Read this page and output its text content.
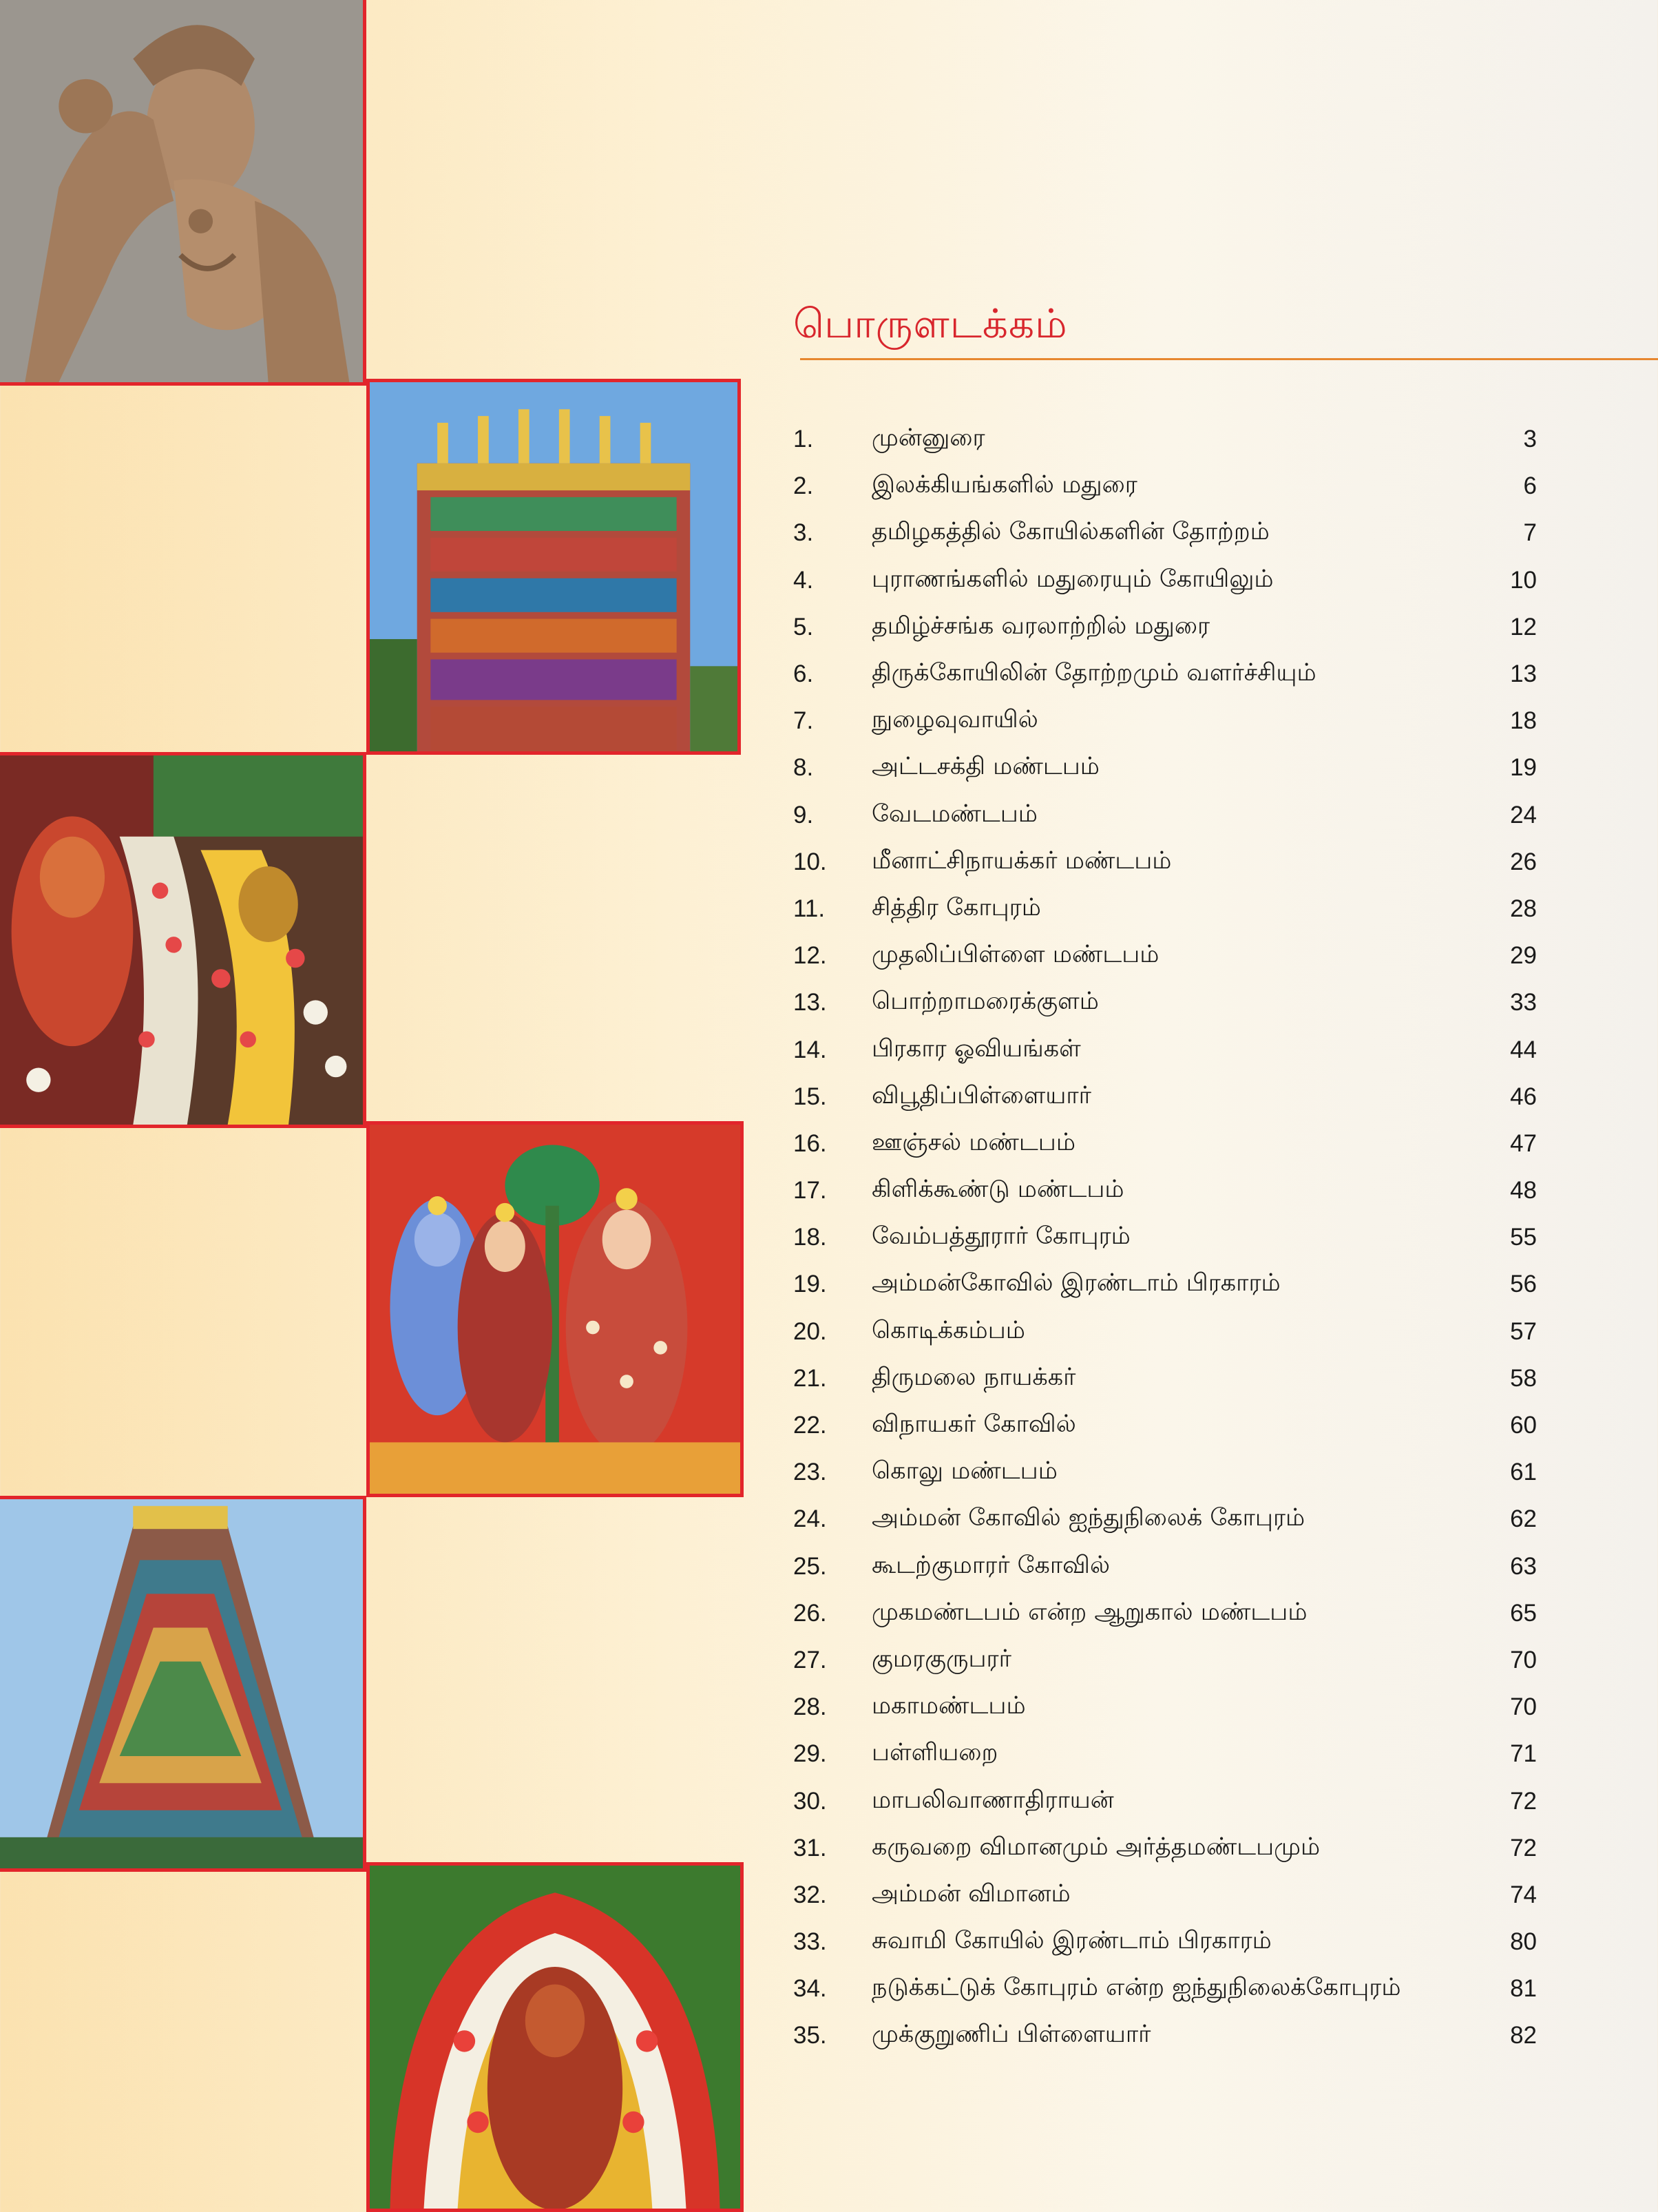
பொருளடக்கம்
1.	முன்னுரை	3
2.	இலக்கியங்களில் மதுரை	6
3.	தமிழகத்தில் கோயில்களின் தோற்றம்	7
4.	புராணங்களில் மதுரையும் கோயிலும்	10
5.	தமிழ்ச்சங்க வரலாற்றில் மதுரை	12
6.	திருக்கோயிலின் தோற்றமும் வளர்ச்சியும்	13
7.	நுழைவுவாயில்	18
8.	அட்டசக்தி மண்டபம்	19
9.	வேடமண்டபம்	24
10.	மீனாட்சிநாயக்கர் மண்டபம்	26
11.	சித்திர கோபுரம்	28
12.	முதலிப்பிள்ளை மண்டபம்	29
13.	பொற்றாமரைக்குளம்	33
14.	பிரகார ஓவியங்கள்	44
15.	விபூதிப்பிள்ளையார்	46
16.	ஊஞ்சல் மண்டபம்	47
17.	கிளிக்கூண்டு மண்டபம்	48
18.	வேம்பத்தூரார் கோபுரம்	55
19.	அம்மன்கோவில் இரண்டாம் பிரகாரம்	56
20.	கொடிக்கம்பம்	57
21.	திருமலை நாயக்கர்	58
22.	விநாயகர் கோவில்	60
23.	கொலு மண்டபம்	61
24.	அம்மன் கோவில் ஐந்துநிலைக் கோபுரம்	62
25.	கூடற்குமாரர் கோவில்	63
26.	முகமண்டபம் என்ற ஆறுகால் மண்டபம்	65
27.	குமரகுருபரர்	70
28.	மகாமண்டபம்	70
29.	பள்ளியறை	71
30.	மாபலிவாணாதிராயன்	72
31.	கருவறை விமானமும் அர்த்தமண்டபமும்	72
32.	அம்மன் விமானம்	74
33.	சுவாமி கோயில் இரண்டாம் பிரகாரம்	80
34.	நடுக்கட்டுக் கோபுரம் என்ற ஐந்துநிலைக்கோபுரம்	81
35.	முக்குறுணிப் பிள்ளையார்	82
